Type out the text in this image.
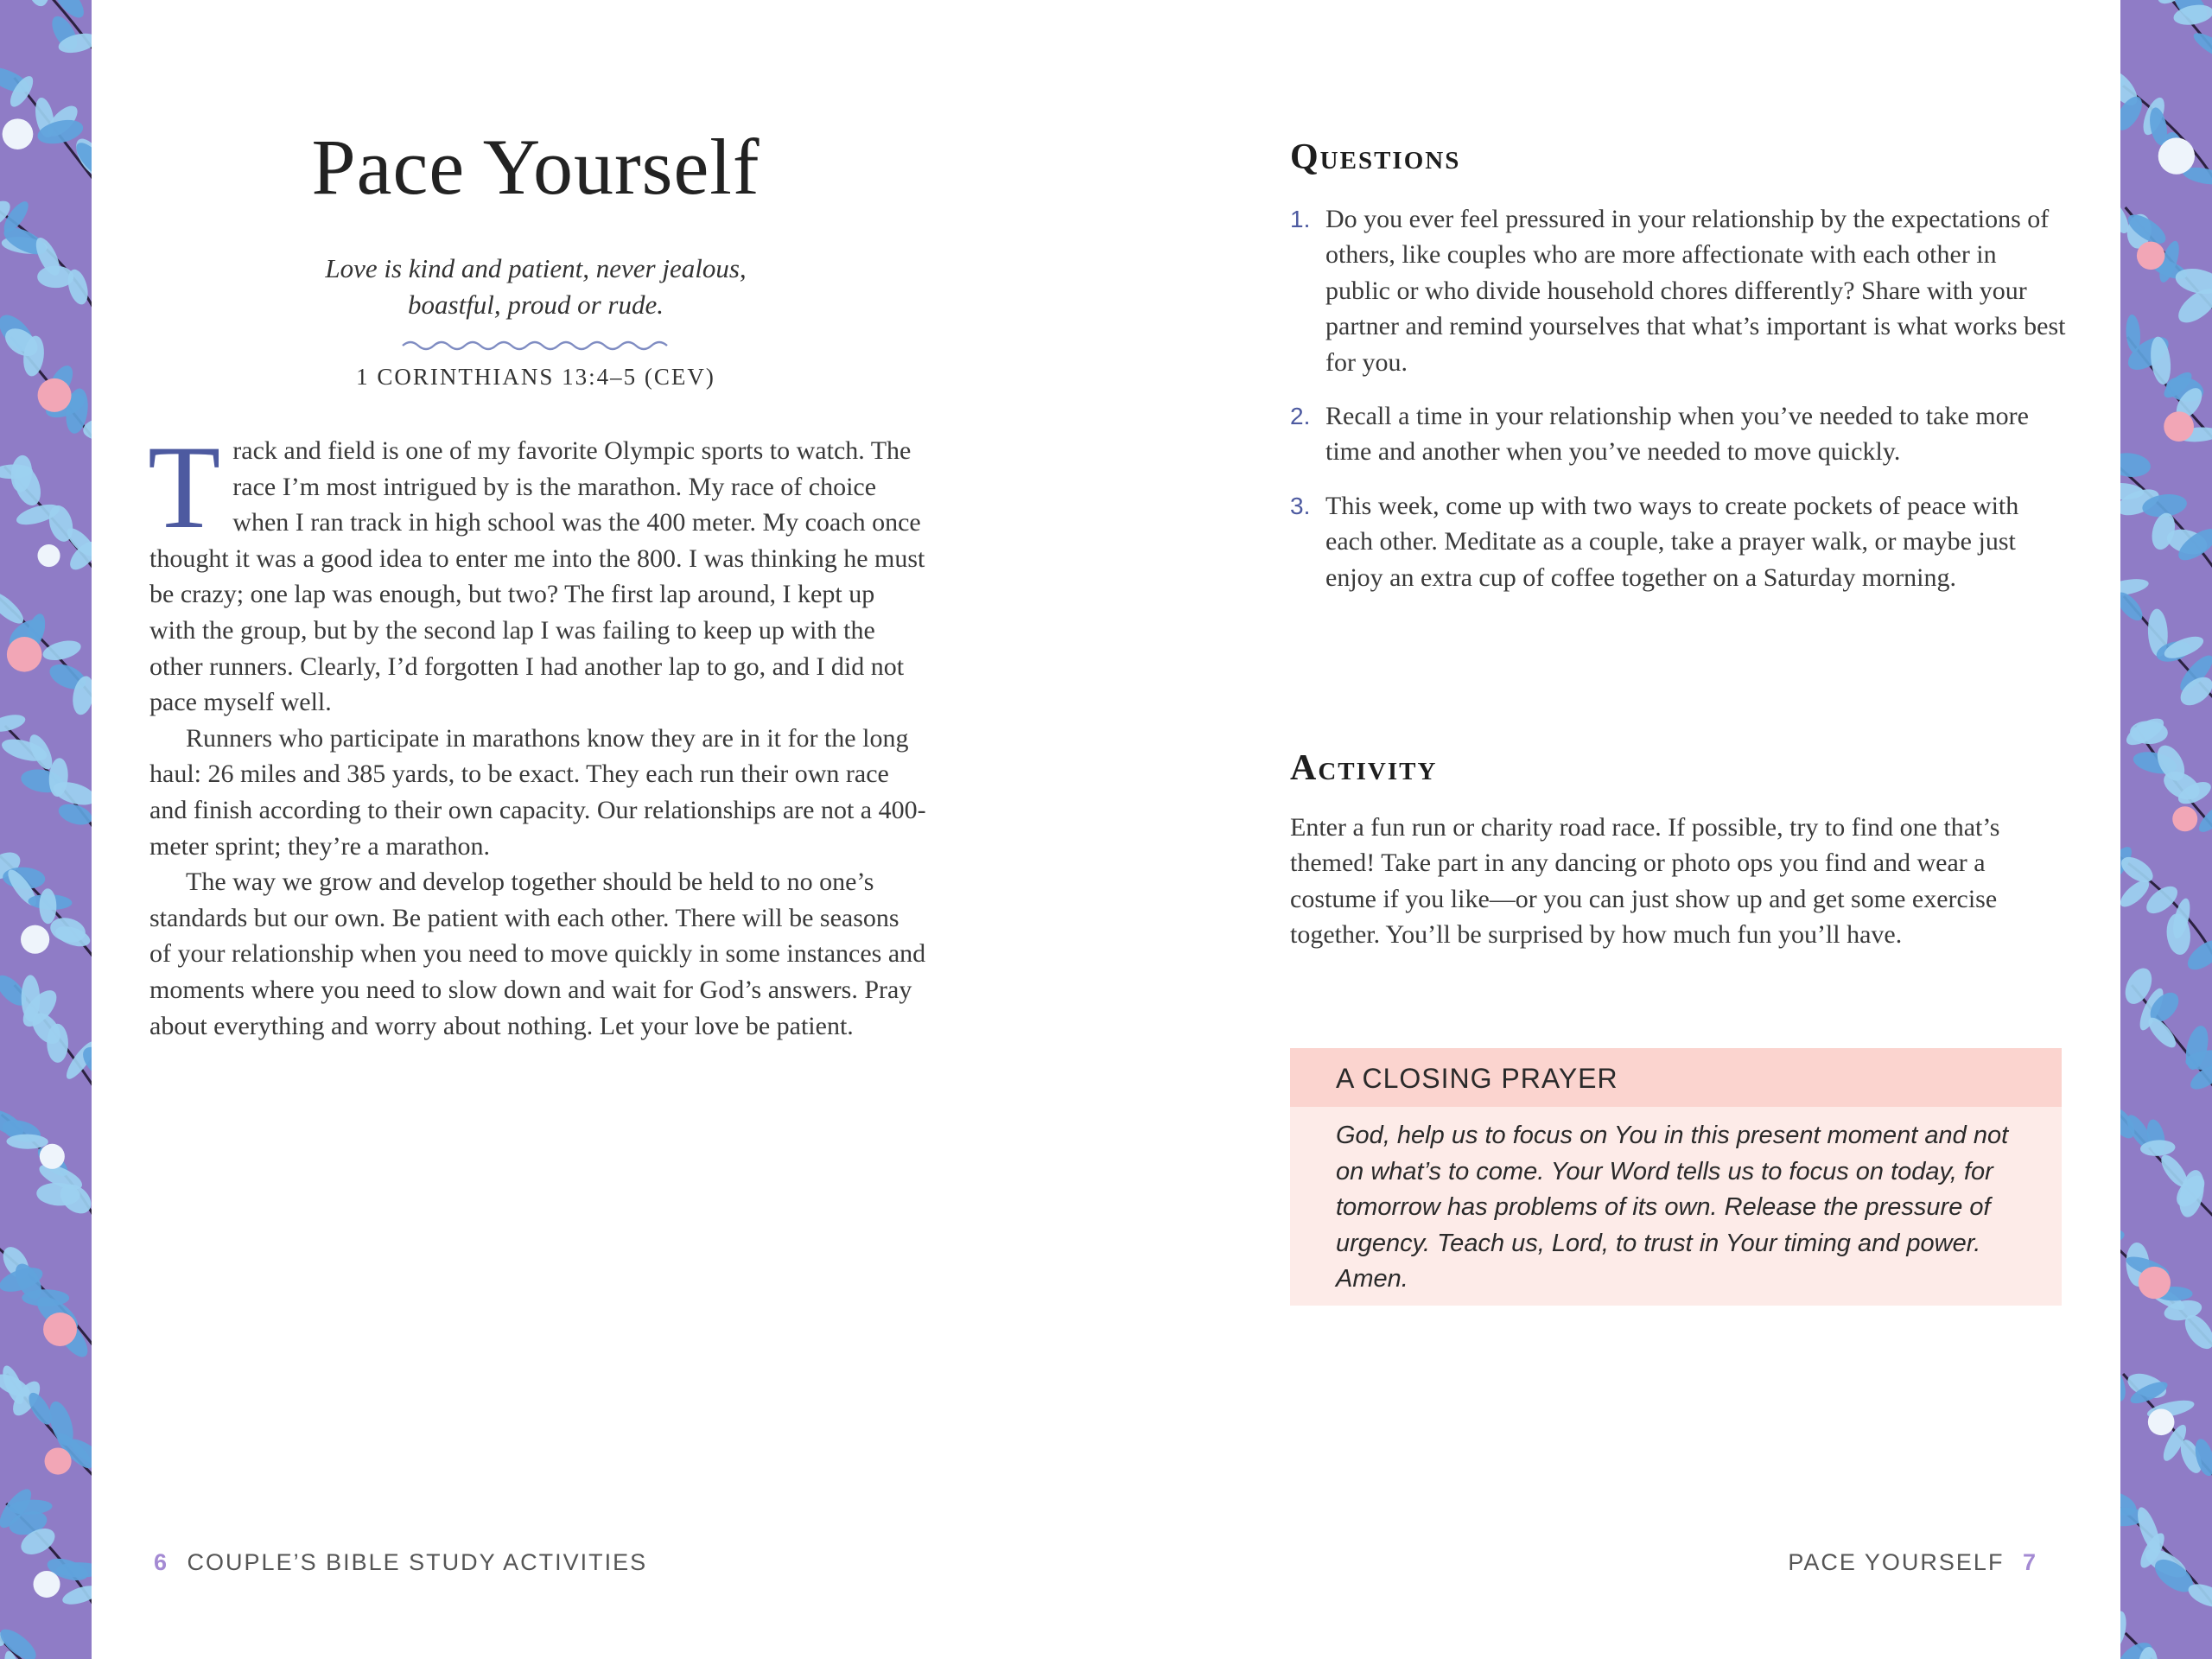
Pace Yourself
Love is kind and patient, never jealous,
boastful, proud or rude.
1 CORINTHIANS 13:4–5 (CEV)

Track and field is one of my favorite Olympic sports to watch. The race I’m most intrigued by is the marathon. My race of choice when I ran track in high school was the 400 meter. My coach once thought it was a good idea to enter me into the 800. I was thinking he must be crazy; one lap was enough, but two? The first lap around, I kept up with the group, but by the second lap I was failing to keep up with the other runners. Clearly, I’d forgotten I had another lap to go, and I did not pace myself well.

Runners who participate in marathons know they are in it for the long haul: 26 miles and 385 yards, to be exact. They each run their own race and finish according to their own capacity. Our relationships are not a 400-meter sprint; they’re a marathon.

The way we grow and develop together should be held to no one’s standards but our own. Be patient with each other. There will be seasons of your relationship when you need to move quickly in some instances and moments where you need to slow down and wait for God’s answers. Pray about everything and worry about nothing. Let your love be patient.

Questions
1. Do you ever feel pressured in your relationship by the expectations of others, like couples who are more affectionate with each other in public or who divide household chores differently? Share with your partner and remind yourselves that what’s important is what works best for you.
2. Recall a time in your relationship when you’ve needed to take more time and another when you’ve needed to move quickly.
3. This week, come up with two ways to create pockets of peace with each other. Meditate as a couple, take a prayer walk, or maybe just enjoy an extra cup of coffee together on a Saturday morning.
Activity

Enter a fun run or charity road race. If possible, try to find one that’s themed! Take part in any dancing or photo ops you find and wear a costume if you like—or you can just show up and get some exercise together. You’ll be surprised by how much fun you’ll have.

A CLOSING PRAYER
God, help us to focus on You in this present moment and not on what’s to come. Your Word tells us to focus on today, for tomorrow has problems of its own. Release the pressure of urgency. Teach us, Lord, to trust in Your timing and power. Amen.
6 COUPLE’S BIBLE STUDY ACTIVITIES	PACE YOURSELF 7
